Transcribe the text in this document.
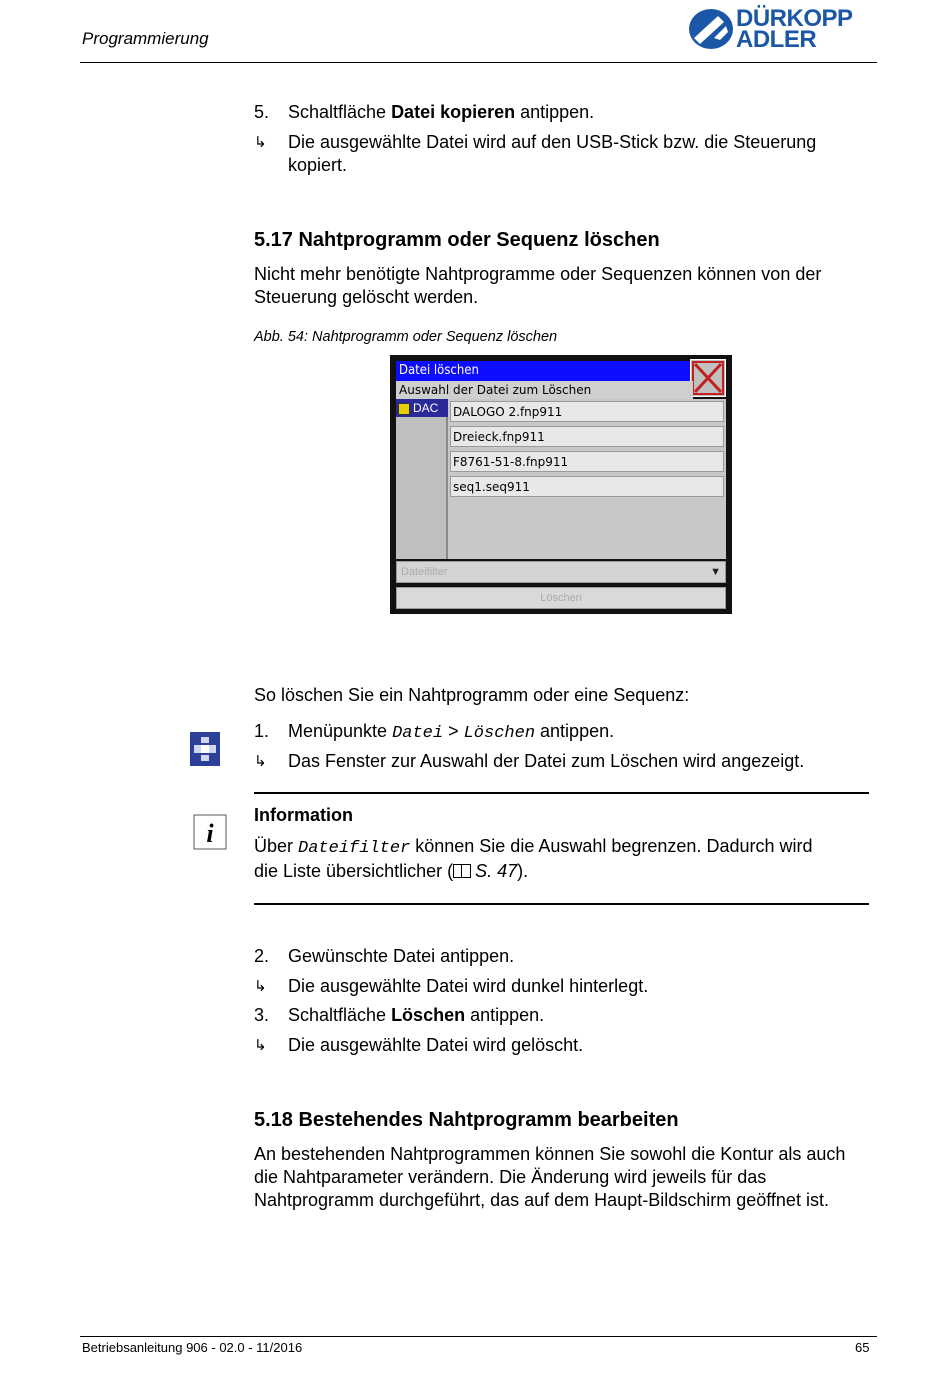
Programmierung
DÜRKOPP
ADLER
5. Schaltfläche Datei kopieren antippen.
↳ Die ausgewählte Datei wird auf den USB-Stick bzw. die Steuerung
kopiert.
5.17 Nahtprogramm oder Sequenz löschen
Nicht mehr benötigte Nahtprogramme oder Sequenzen können von der
Steuerung gelöscht werden.
Abb. 54: Nahtprogramm oder Sequenz löschen
Datei löschen
Auswahl der Datei zum Löschen
DAC	DALOGO 2.fnp911
Dreieck.fnp911
F8761-51-8.fnp911
seq1.seq911
Dateifilter	▼
Löschen
So löschen Sie ein Nahtprogramm oder eine Sequenz:
1. Menüpunkte Datei > Löschen antippen.
↳ Das Fenster zur Auswahl der Datei zum Löschen wird angezeigt.
i
Information
Über Dateifilter können Sie die Auswahl begrenzen. Dadurch wird
die Liste übersichtlicher ( S. 47).
2. Gewünschte Datei antippen.
↳ Die ausgewählte Datei wird dunkel hinterlegt.
3. Schaltfläche Löschen antippen.
↳ Die ausgewählte Datei wird gelöscht.
5.18 Bestehendes Nahtprogramm bearbeiten
An bestehenden Nahtprogrammen können Sie sowohl die Kontur als auch
die Nahtparameter verändern. Die Änderung wird jeweils für das
Nahtprogramm durchgeführt, das auf dem Haupt-Bildschirm geöffnet ist.
Betriebsanleitung 906 - 02.0 - 11/2016	65
